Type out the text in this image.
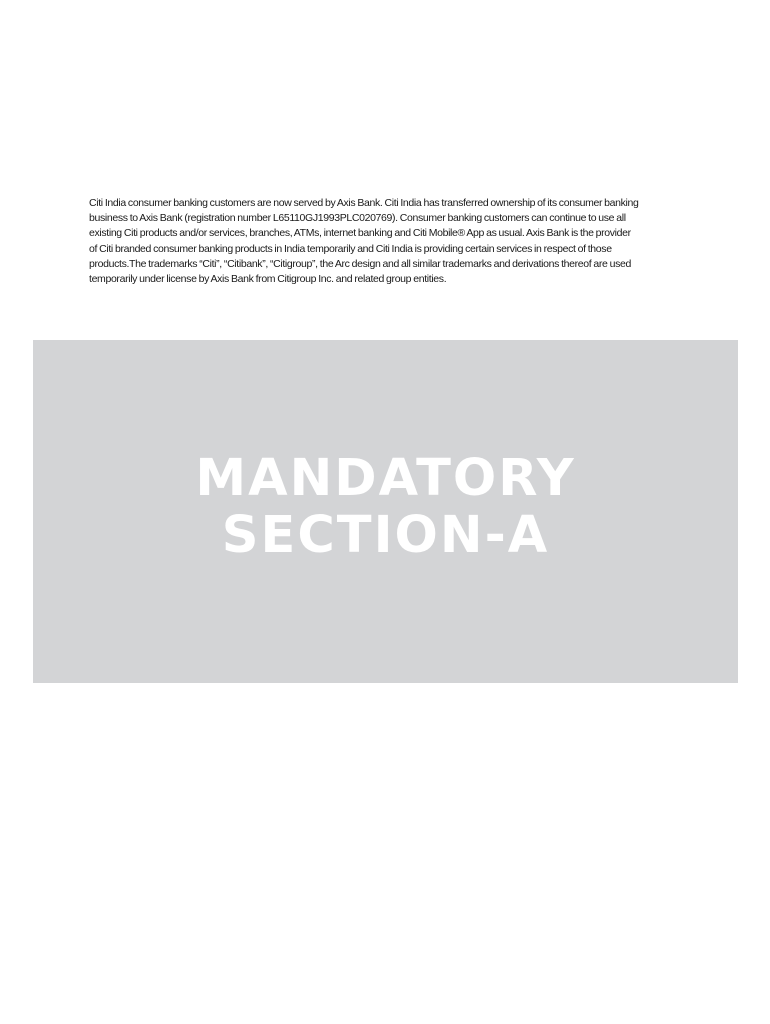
Citi India consumer banking customers are now served by Axis Bank. Citi India has transferred ownership of its consumer banking
business to Axis Bank (registration number L65110GJ1993PLC020769). Consumer banking customers can continue to use all
existing Citi products and/or services, branches, ATMs, internet banking and Citi Mobile® App as usual. Axis Bank is the provider
of Citi branded consumer banking products in India temporarily and Citi India is providing certain services in respect of those
products.The trademarks “Citi”, “Citibank”, “Citigroup”, the Arc design and all similar trademarks and derivations thereof are used
temporarily under license by Axis Bank from Citigroup Inc. and related group entities.

MANDATORY
SECTION-A
